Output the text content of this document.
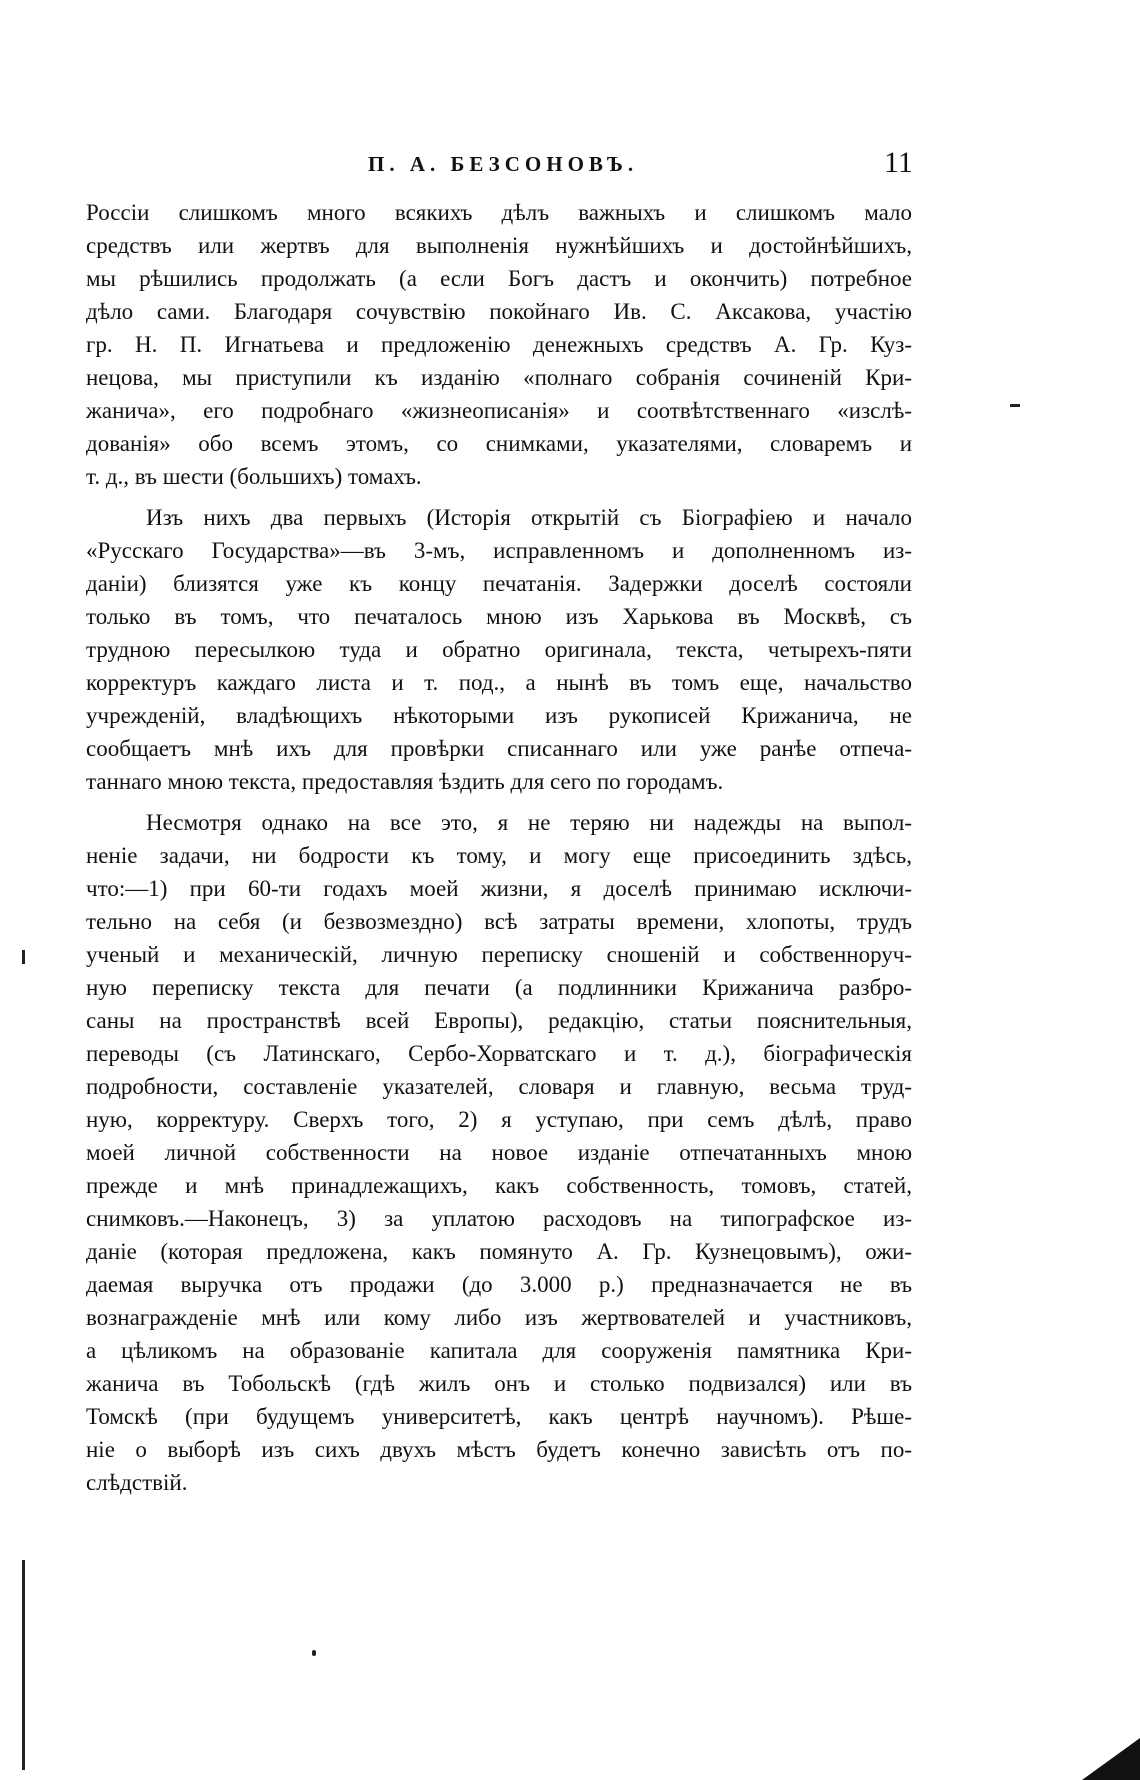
П. А. БЕЗСОНОВЪ.	11
Россіи слишкомъ много всякихъ дѣлъ важныхъ и слишкомъ мало
средствъ или жертвъ для выполненія нужнѣйшихъ и достойнѣйшихъ,
мы рѣшились продолжать (а если Богъ дастъ и окончить) потребное
дѣло сами. Благодаря сочувствію покойнаго Ив. С. Аксакова, участію
гр. Н. П. Игнатьева и предложенію денежныхъ средствъ А. Гр. Куз-
нецова, мы приступили къ изданію «полнаго собранія сочиненій Кри-
жанича», его подробнаго «жизнеописанія» и соотвѣтственнаго «изслѣ-
дованія» обо всемъ этомъ, со снимками, указателями, словаремъ и
т. д., въ шести (большихъ) томахъ.
Изъ нихъ два первыхъ (Исторія открытій съ Біографіею и начало
«Русскаго Государства»—въ 3-мъ, исправленномъ и дополненномъ из-
даніи) близятся уже къ концу печатанія. Задержки доселѣ состояли
только въ томъ, что печаталось мною изъ Харькова въ Москвѣ, съ
трудною пересылкою туда и обратно оригинала, текста, четырехъ-пяти
корректуръ каждаго листа и т. под., а нынѣ въ томъ еще, начальство
учрежденій, владѣющихъ нѣкоторыми изъ рукописей Крижанича, не
сообщаетъ мнѣ ихъ для провѣрки списаннаго или уже ранѣе отпеча-
таннаго мною текста, предоставляя ѣздить для сего по городамъ.
Несмотря однако на все это, я не теряю ни надежды на выпол-
неніе задачи, ни бодрости къ тому, и могу еще присоединить здѣсь,
что:—1) при 60-ти годахъ моей жизни, я доселѣ принимаю исключи-
тельно на себя (и безвозмездно) всѣ затраты времени, хлопоты, трудъ
ученый и механическій, личную переписку сношеній и собственноруч-
ную переписку текста для печати (а подлинники Крижанича разбро-
саны на пространствѣ всей Европы), редакцію, статьи пояснительныя,
переводы (съ Латинскаго, Сербо-Хорватскаго и т. д.), біографическія
подробности, составленіе указателей, словаря и главную, весьма труд-
ную, корректуру. Сверхъ того, 2) я уступаю, при семъ дѣлѣ, право
моей личной собственности на новое изданіе отпечатанныхъ мною
прежде и мнѣ принадлежащихъ, какъ собственность, томовъ, статей,
снимковъ.—Наконецъ, 3) за уплатою расходовъ на типографское из-
даніе (которая предложена, какъ помянуто А. Гр. Кузнецовымъ), ожи-
даемая выручка отъ продажи (до 3.000 р.) предназначается не въ
вознагражденіе мнѣ или кому либо изъ жертвователей и участниковъ,
а цѣликомъ на образованіе капитала для сооруженія памятника Кри-
жанича въ Тобольскѣ (гдѣ жилъ онъ и столько подвизался) или въ
Томскѣ (при будущемъ университетѣ, какъ центрѣ научномъ). Рѣше-
ніе о выборѣ изъ сихъ двухъ мѣстъ будетъ конечно зависѣть отъ по-
слѣдствій.
